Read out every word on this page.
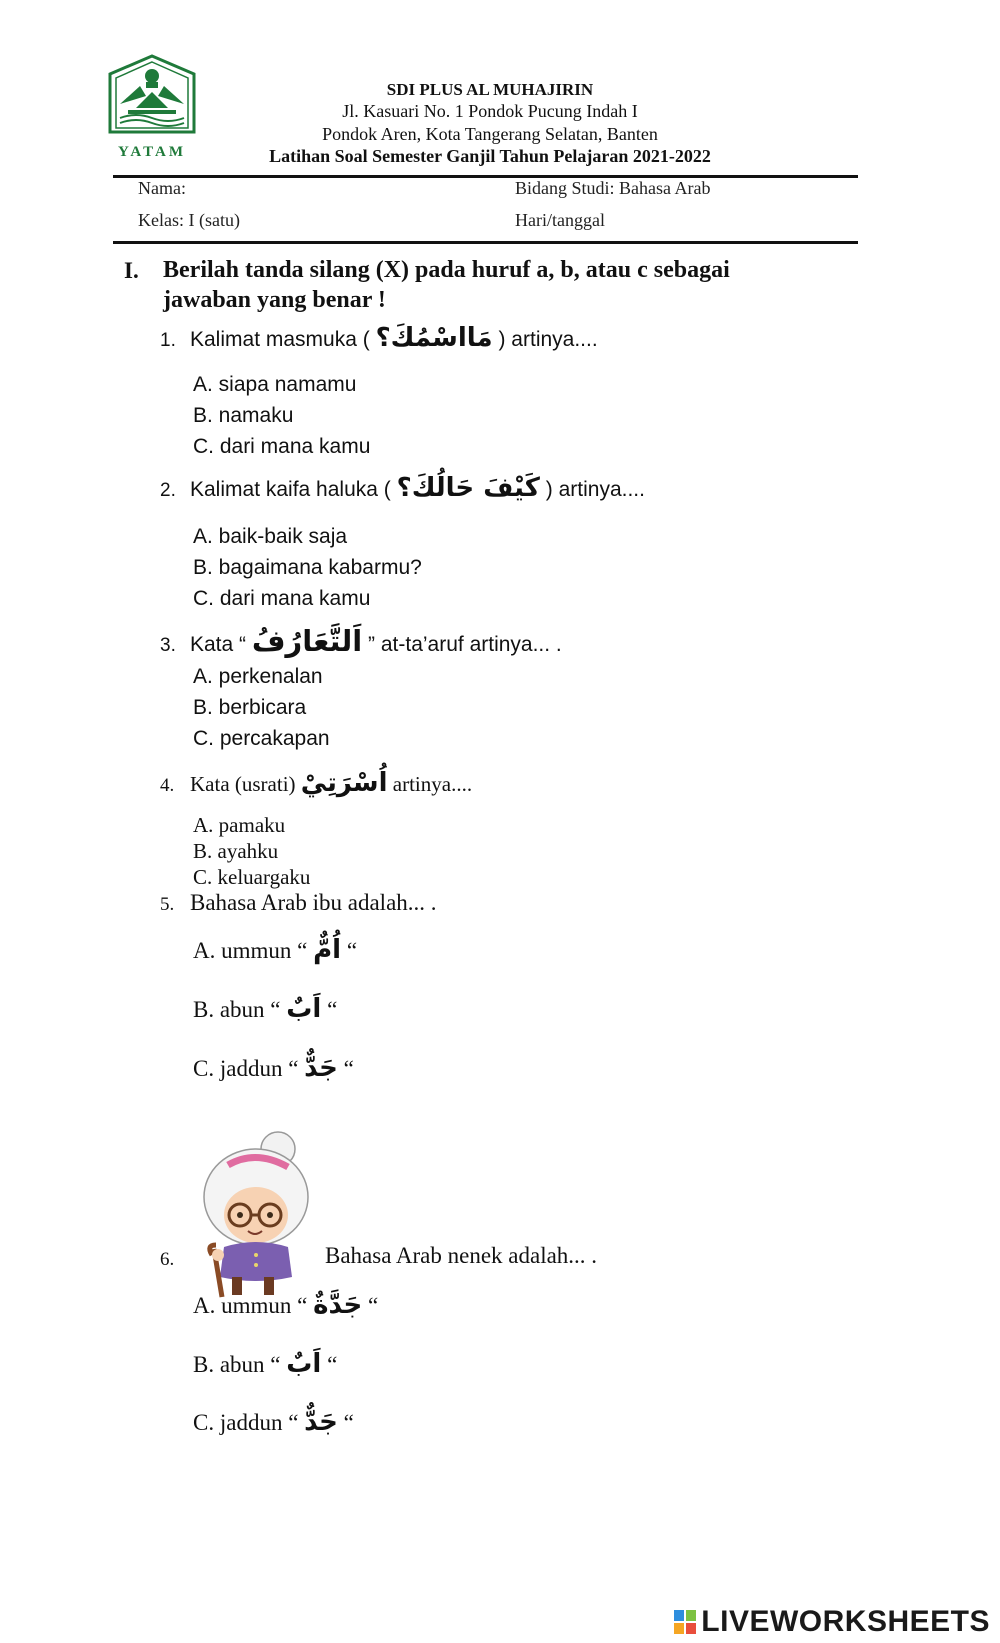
YATAM
SDI PLUS AL MUHAJIRIN
Jl. Kasuari No. 1 Pondok Pucung Indah I
Pondok Aren, Kota Tangerang Selatan, Banten
Latihan Soal Semester Ganjil Tahun Pelajaran 2021-2022
Nama:	Bidang Studi: Bahasa Arab
Kelas: I (satu)	Hari/tanggal
I. Berilah tanda silang (X) pada huruf a, b, atau c sebagai jawaban yang benar !
1. Kalimat masmuka ( مَااسْمُكَ؟ ) artinya....
A. siapa namamu
B. namaku
C. dari mana kamu
2. Kalimat kaifa haluka ( كَيْفَ حَالُكَ؟ ) artinya....
A. baik-baik saja
B. bagaimana kabarmu?
C. dari mana kamu
3. Kata “ اَلتَّعَارُفُ ” at-ta’aruf artinya... .
A. perkenalan
B. berbicara
C. percakapan
4. Kata (usrati) اُسْرَتِيْ artinya....
A. pamaku
B. ayahku
C. keluargaku
5. Bahasa Arab ibu adalah... .
A. ummun “ اُمٌّ “
B. abun “ اَبٌ “
C. jaddun “ جَدٌّ “
6.	Bahasa Arab nenek adalah... .
A. ummun “ جَدَّةٌ “
B. abun “ اَبٌ “
C. jaddun “ جَدٌّ “
LIVEWORKSHEETS
